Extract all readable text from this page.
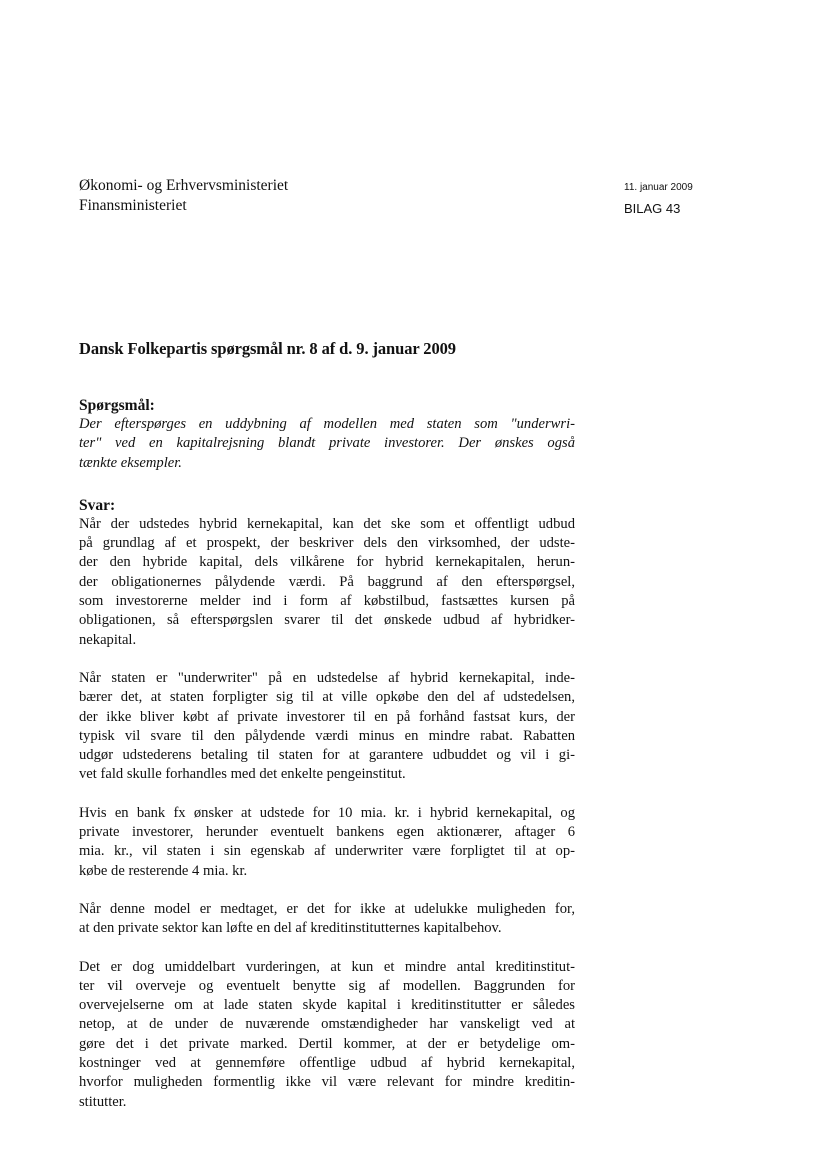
Økonomi- og Erhvervsministeriet
Finansministeriet
11. januar 2009
BILAG 43
Dansk Folkepartis spørgsmål nr. 8 af d. 9. januar 2009

Spørgsmål:

Der efterspørges en uddybning af modellen med staten som "underwri-
ter" ved en kapitalrejsning blandt private investorer. Der ønskes også
tænkte eksempler.

Svar:

Når der udstedes hybrid kernekapital, kan det ske som et offentligt udbud
på grundlag af et prospekt, der beskriver dels den virksomhed, der udste-
der den hybride kapital, dels vilkårene for hybrid kernekapitalen, herun-
der obligationernes pålydende værdi. På baggrund af den efterspørgsel,
som investorerne melder ind i form af købstilbud, fastsættes kursen på
obligationen, så efterspørgslen svarer til det ønskede udbud af hybridker-
nekapital.

Når staten er "underwriter" på en udstedelse af hybrid kernekapital, inde-
bærer det, at staten forpligter sig til at ville opkøbe den del af udstedelsen,
der ikke bliver købt af private investorer til en på forhånd fastsat kurs, der
typisk vil svare til den pålydende værdi minus en mindre rabat. Rabatten
udgør udstederens betaling til staten for at garantere udbuddet og vil i gi-
vet fald skulle forhandles med det enkelte pengeinstitut.

Hvis en bank fx ønsker at udstede for 10 mia. kr. i hybrid kernekapital, og
private investorer, herunder eventuelt bankens egen aktionærer, aftager 6
mia. kr., vil staten i sin egenskab af underwriter være forpligtet til at op-
købe de resterende 4 mia. kr.

Når denne model er medtaget, er det for ikke at udelukke muligheden for,
at den private sektor kan løfte en del af kreditinstitutternes kapitalbehov.

Det er dog umiddelbart vurderingen, at kun et mindre antal kreditinstitut-
ter vil overveje og eventuelt benytte sig af modellen. Baggrunden for
overvejelserne om at lade staten skyde kapital i kreditinstitutter er således
netop, at de under de nuværende omstændigheder har vanskeligt ved at
gøre det i det private marked. Dertil kommer, at der er betydelige om-
kostninger ved at gennemføre offentlige udbud af hybrid kernekapital,
hvorfor muligheden formentlig ikke vil være relevant for mindre kreditin-
stitutter.
